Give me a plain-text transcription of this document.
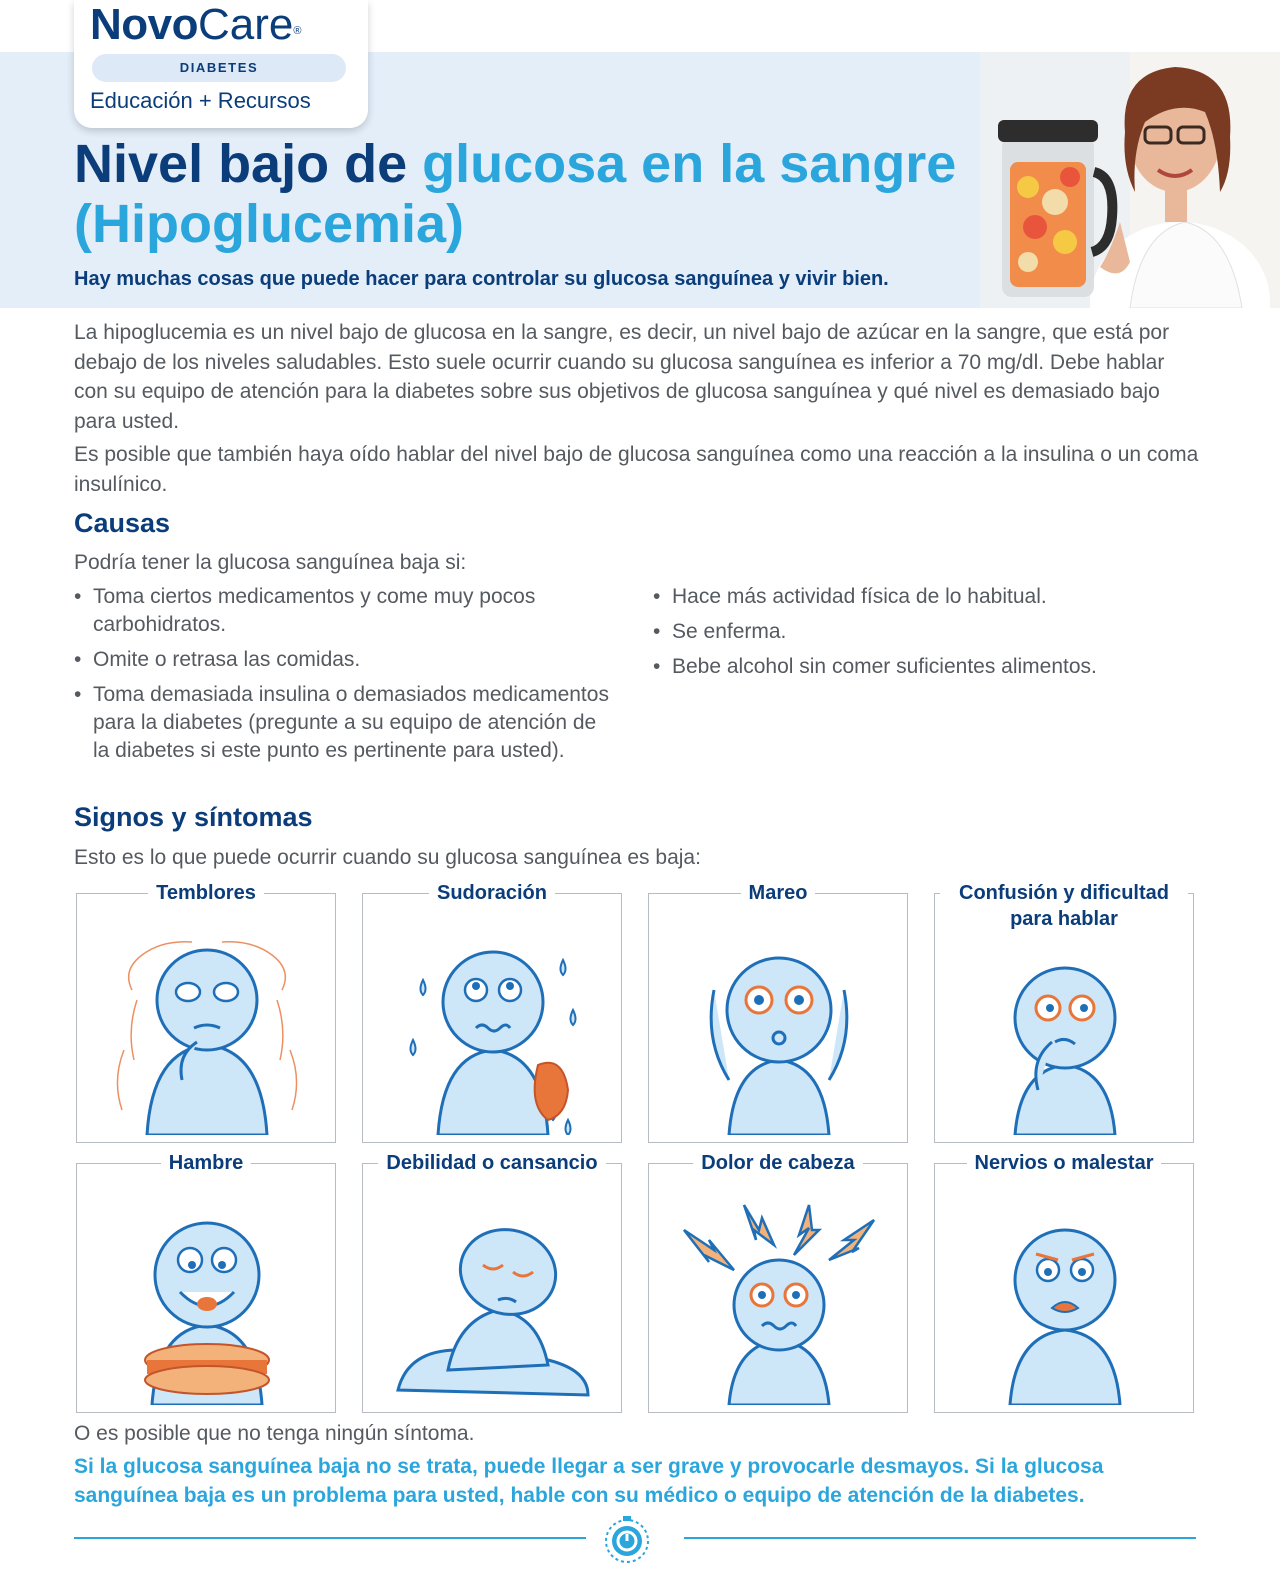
NovoCare®
DIABETES
Educación + Recursos
Nivel bajo de glucosa en la sangre (Hipoglucemia)
Hay muchas cosas que puede hacer para controlar su glucosa sanguínea y vivir bien.

La hipoglucemia es un nivel bajo de glucosa en la sangre, es decir, un nivel bajo de azúcar en la sangre, que está por debajo de los niveles saludables. Esto suele ocurrir cuando su glucosa sanguínea es inferior a 70 mg/dl. Debe hablar con su equipo de atención para la diabetes sobre sus objetivos de glucosa sanguínea y qué nivel es demasiado bajo para usted.

Es posible que también haya oído hablar del nivel bajo de glucosa sanguínea como una reacción a la insulina o un coma insulínico.

Causas
Podría tener la glucosa sanguínea baja si:
• Toma ciertos medicamentos y come muy pocos carbohidratos.
• Omite o retrasa las comidas.
• Toma demasiada insulina o demasiados medicamentos para la diabetes (pregunte a su equipo de atención de la diabetes si este punto es pertinente para usted).
• Hace más actividad física de lo habitual.
• Se enferma.
• Bebe alcohol sin comer suficientes alimentos.
Signos y síntomas
Esto es lo que puede ocurrir cuando su glucosa sanguínea es baja:
Temblores	Sudoración	Mareo	Confusión y dificultad para hablar
Hambre	Debilidad o cansancio	Dolor de cabeza	Nervios o malestar
O es posible que no tenga ningún síntoma.
Si la glucosa sanguínea baja no se trata, puede llegar a ser grave y provocarle desmayos. Si la glucosa sanguínea baja es un problema para usted, hable con su médico o equipo de atención de la diabetes.
